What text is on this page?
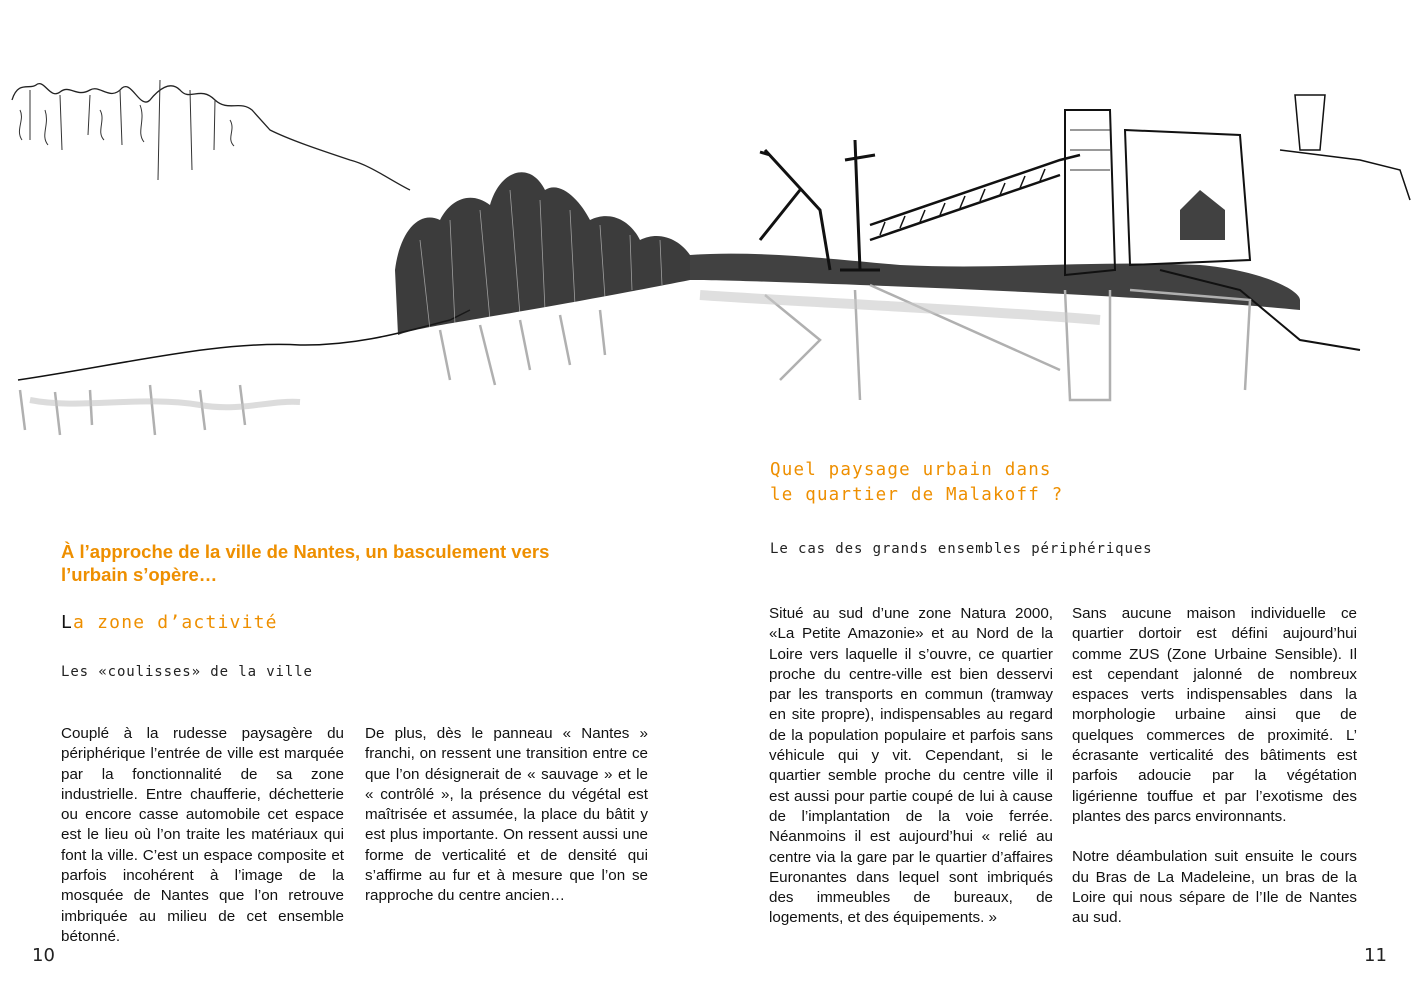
À l’approche de la ville de Nantes, un basculement vers l’urbain s’opère…
La zone d’activité
Les «coulisses» de la ville

Couplé à la rudesse paysagère du périphérique l’entrée de ville est marquée par la fonctionnalité de sa zone industrielle. Entre chaufferie, déchetterie ou encore casse automobile cet espace est le lieu où l’on traite les matériaux qui font la ville. C’est un espace composite et parfois incohérent à l’image de la mosquée de Nantes que l’on retrouve imbriquée au milieu de cet ensemble bétonné.

De plus, dès le panneau « Nantes » franchi, on ressent une transition entre ce que l’on désignerait de « sauvage » et le « contrôlé », la présence du végétal est maîtrisée et assumée, la place du bâtit y est plus importante. On ressent aussi une forme de verticalité et de densité qui s’affirme au fur et à mesure que l’on se rapproche du centre ancien…

10
Quel paysage urbain dans
le quartier de Malakoff ?
Le cas des grands ensembles périphériques

Situé au sud d’une zone Natura 2000, «La Petite Amazonie» et au Nord de la Loire vers laquelle il s’ouvre, ce quartier proche du centre-ville est bien desservi par les transports en commun (tramway en site propre), indispensables au regard de la population populaire et parfois sans véhicule qui y vit. Cependant, si le quartier semble proche du centre ville il est aussi pour partie coupé de lui à cause de l’implantation de la voie ferrée. Néanmoins il est aujourd’hui « relié au centre via la gare par le quartier d’affaires Euronantes dans lequel sont imbriqués des immeubles de bureaux, de logements, et des équipements. »

Sans aucune maison individuelle ce quartier dortoir est défini aujourd’hui comme ZUS (Zone Urbaine Sensible). Il est cependant jalonné de nombreux espaces verts indispensables dans la morphologie urbaine ainsi que de quelques commerces de proximité. L’ écrasante verticalité des bâtiments est parfois adoucie par la végétation ligérienne touffue et par l’exotisme des plantes des parcs environnants.

Notre déambulation suit ensuite le cours du Bras de La Madeleine, un bras de la Loire qui nous sépare de l’Ile de Nantes au sud.

11
